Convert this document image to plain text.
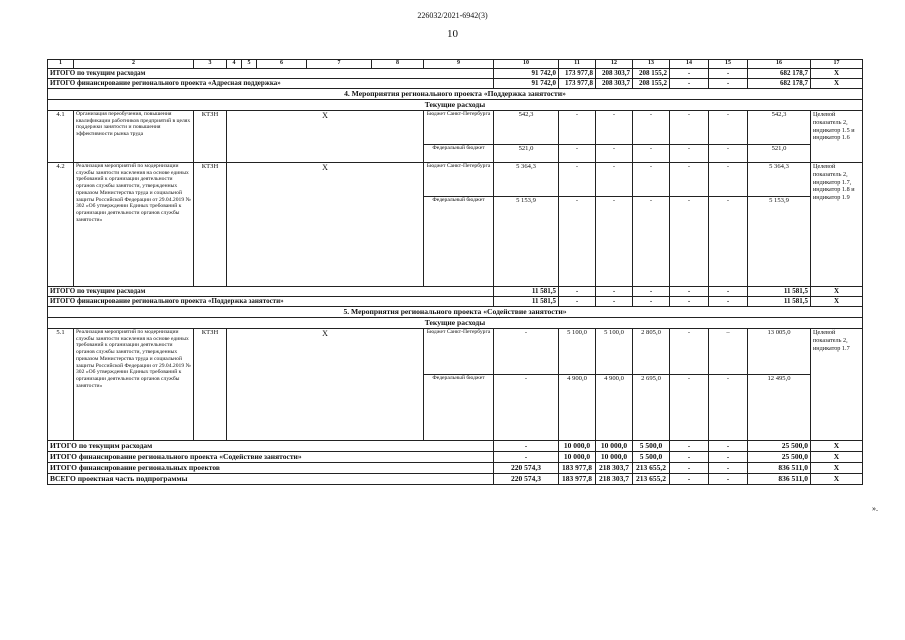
226032/2021-6942(3)
10
1	2	3	4	5	6	7	8	9	10	11	12	13	14	15	16	17
ИТОГО по текущим расходам									91 742,0	173 977,8	208 303,7	208 155,2	-	-	682 178,7	X
ИТОГО финансирование регионального проекта «Адресная поддержка»									91 742,0	173 977,8	208 303,7	208 155,2	-	-	682 178,7	X
4. Мероприятия регионального проекта «Поддержка занятости»																
Текущие расходы																
4.1	Организация переобучения, повышения квалификации работников предприятий в целях поддержки занятости и повышения эффективности рынка труда	КТЗН	X					Бюджет Санкт-Петербурга	542,3	-	-	-	-	-	542,3	Целевой показатель 2, индикатор 1.5 и индикатор 1.6
								Федеральный бюджет	521,0	-	-	-	-	-	521,0	
4.2	Реализация мероприятий по модернизации службы занятости населения на основе единых требований к организации деятельности органов службы занятости, утвержденных приказом Министерства труда и социальной защиты Российской Федерации от 29.04.2019 № 302 «Об утверждении Единых требований к организации деятельности органов службы занятости»	КТЗН	X					Бюджет Санкт-Петербурга	5 364,3	-	-	-	-	-	5 364,3	Целевой показатель 2, индикатор 1.7, индикатор 1.8 и индикатор 1.9
								Федеральный бюджет	5 153,9	-	-	-	-	-	5 153,9	
ИТОГО по текущим расходам									11 581,5	-	-	-	-	-	11 581,5	X
ИТОГО финансирование регионального проекта «Поддержка занятости»									11 581,5	-	-	-	-	-	11 581,5	X
5. Мероприятия регионального проекта «Содействие занятости»																
Текущие расходы																
5.1	Реализация мероприятий по модернизации службы занятости населения на основе единых требований к организации деятельности органов службы занятости, утвержденных приказом Министерства труда и социальной защиты Российской Федерации от 29.04.2019 № 302 «Об утверждении Единых требований к организации деятельности органов службы занятости»	КТЗН	X					Бюджет Санкт-Петербурга	-	5 100,0	5 100,0	2 805,0	-	–	13 005,0	Целевой показатель 2, индикатор 1.7
								Федеральный бюджет	-	4 900,0	4 900,0	2 695,0	-	-	12 495,0	
ИТОГО по текущим расходам									-	10 000,0	10 000,0	5 500,0	-	-	25 500,0	X
ИТОГО финансирование регионального проекта «Содействие занятости»									-	10 000,0	10 000,0	5 500,0	-	-	25 500,0	X
ИТОГО финансирование региональных проектов									220 574,3	183 977,8	218 303,7	213 655,2	-	-	836 511,0	X
ВСЕГО проектная часть подпрограммы									220 574,3	183 977,8	218 303,7	213 655,2	-	-	836 511,0	X
».
